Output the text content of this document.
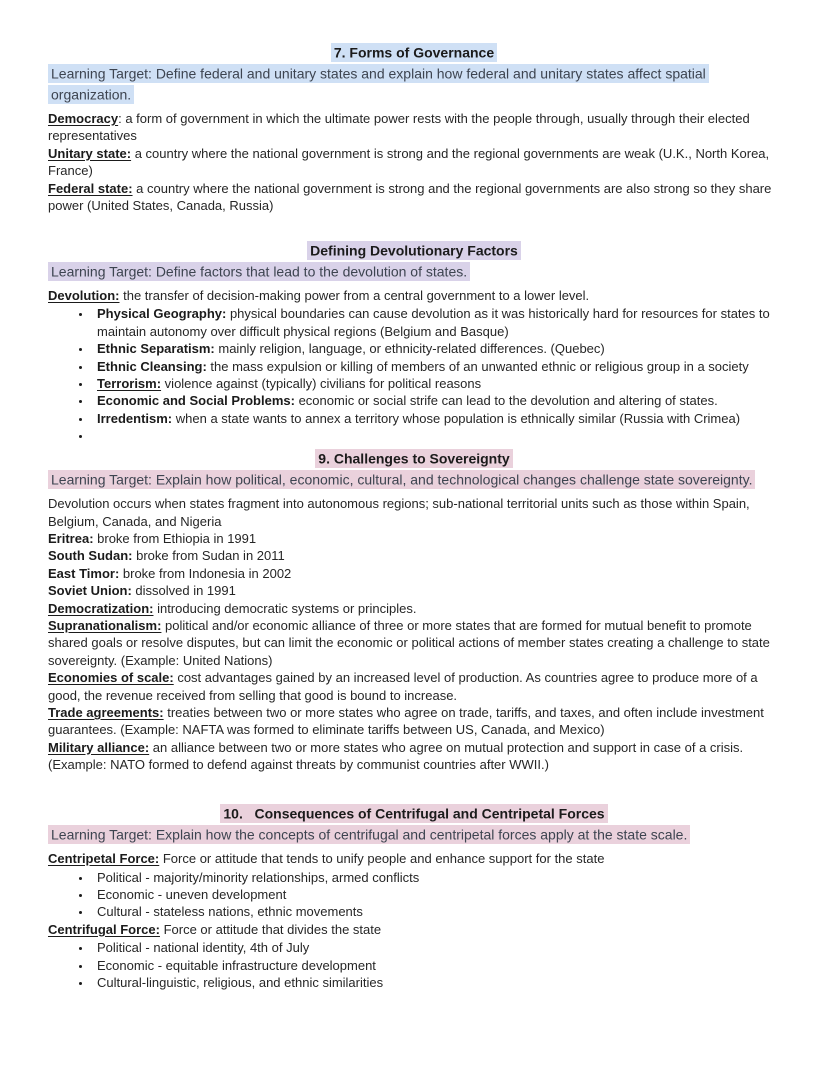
7. Forms of Governance

Learning Target: Define federal and unitary states and explain how federal and unitary states affect spatial organization.

Democracy: a form of government in which the ultimate power rests with the people through, usually through their elected representatives

Unitary state: a country where the national government is strong and the regional governments are weak (U.K., North Korea, France)

Federal state: a country where the national government is strong and the regional governments are also strong so they share power (United States, Canada, Russia)

Defining Devolutionary Factors

Learning Target: Define factors that lead to the devolution of states.

Devolution: the transfer of decision-making power from a central government to a lower level.

• Physical Geography: physical boundaries can cause devolution as it was historically hard for resources for states to maintain autonomy over difficult physical regions (Belgium and Basque)
• Ethnic Separatism: mainly religion, language, or ethnicity-related differences. (Quebec)
• Ethnic Cleansing: the mass expulsion or killing of members of an unwanted ethnic or religious group in a society
• Terrorism: violence against (typically) civilians for political reasons
• Economic and Social Problems: economic or social strife can lead to the devolution and altering of states.
• Irredentism: when a state wants to annex a territory whose population is ethnically similar (Russia with Crimea)
•
9. Challenges to Sovereignty

Learning Target: Explain how political, economic, cultural, and technological changes challenge state sovereignty.

Devolution occurs when states fragment into autonomous regions; sub-national territorial units such as those within Spain, Belgium, Canada, and Nigeria

Eritrea: broke from Ethiopia in 1991

South Sudan: broke from Sudan in 2011

East Timor: broke from Indonesia in 2002

Soviet Union: dissolved in 1991

Democratization: introducing democratic systems or principles.

Supranationalism: political and/or economic alliance of three or more states that are formed for mutual benefit to promote shared goals or resolve disputes, but can limit the economic or political actions of member states creating a challenge to state sovereignty. (Example: United Nations)

Economies of scale: cost advantages gained by an increased level of production. As countries agree to produce more of a good, the revenue received from selling that good is bound to increase.

Trade agreements: treaties between two or more states who agree on trade, tariffs, and taxes, and often include investment guarantees. (Example: NAFTA was formed to eliminate tariffs between US, Canada, and Mexico)

Military alliance: an alliance between two or more states who agree on mutual protection and support in case of a crisis. (Example: NATO formed to defend against threats by communist countries after WWII.)

10.   Consequences of Centrifugal and Centripetal Forces

Learning Target: Explain how the concepts of centrifugal and centripetal forces apply at the state scale.

Centripetal Force: Force or attitude that tends to unify people and enhance support for the state

• Political - majority/minority relationships, armed conflicts
• Economic - uneven development
• Cultural - stateless nations, ethnic movements

Centrifugal Force: Force or attitude that divides the state

• Political - national identity, 4th of July
• Economic - equitable infrastructure development
• Cultural-linguistic, religious, and ethnic similarities
